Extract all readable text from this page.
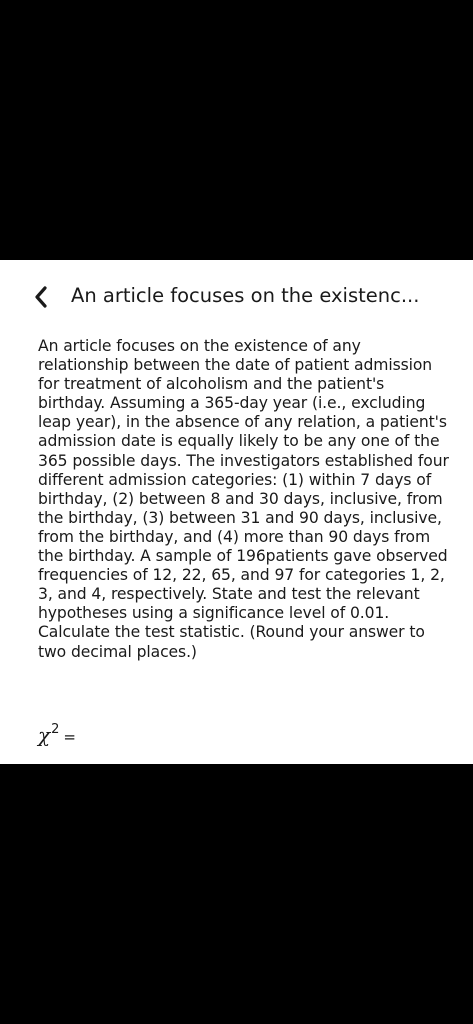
An article focuses on the existenc...

An article focuses on the existence of any relationship between the date of patient admission for treatment of alcoholism and the patient's birthday. Assuming a 365-day year (i.e., excluding leap year), in the absence of any relation, a patient's admission date is equally likely to be any one of the 365 possible days. The investigators established four different admission categories: (1) within 7 days of birthday, (2) between 8 and 30 days, inclusive, from the birthday, (3) between 31 and 90 days, inclusive, from the birthday, and (4) more than 90 days from the birthday. A sample of 196patients gave observed frequencies of 12, 22, 65, and 97 for categories 1, 2, 3, and 4, respectively. State and test the relevant hypotheses using a significance level of 0.01.

Calculate the test statistic. (Round your answer to two decimal places.)

χ 2 =
